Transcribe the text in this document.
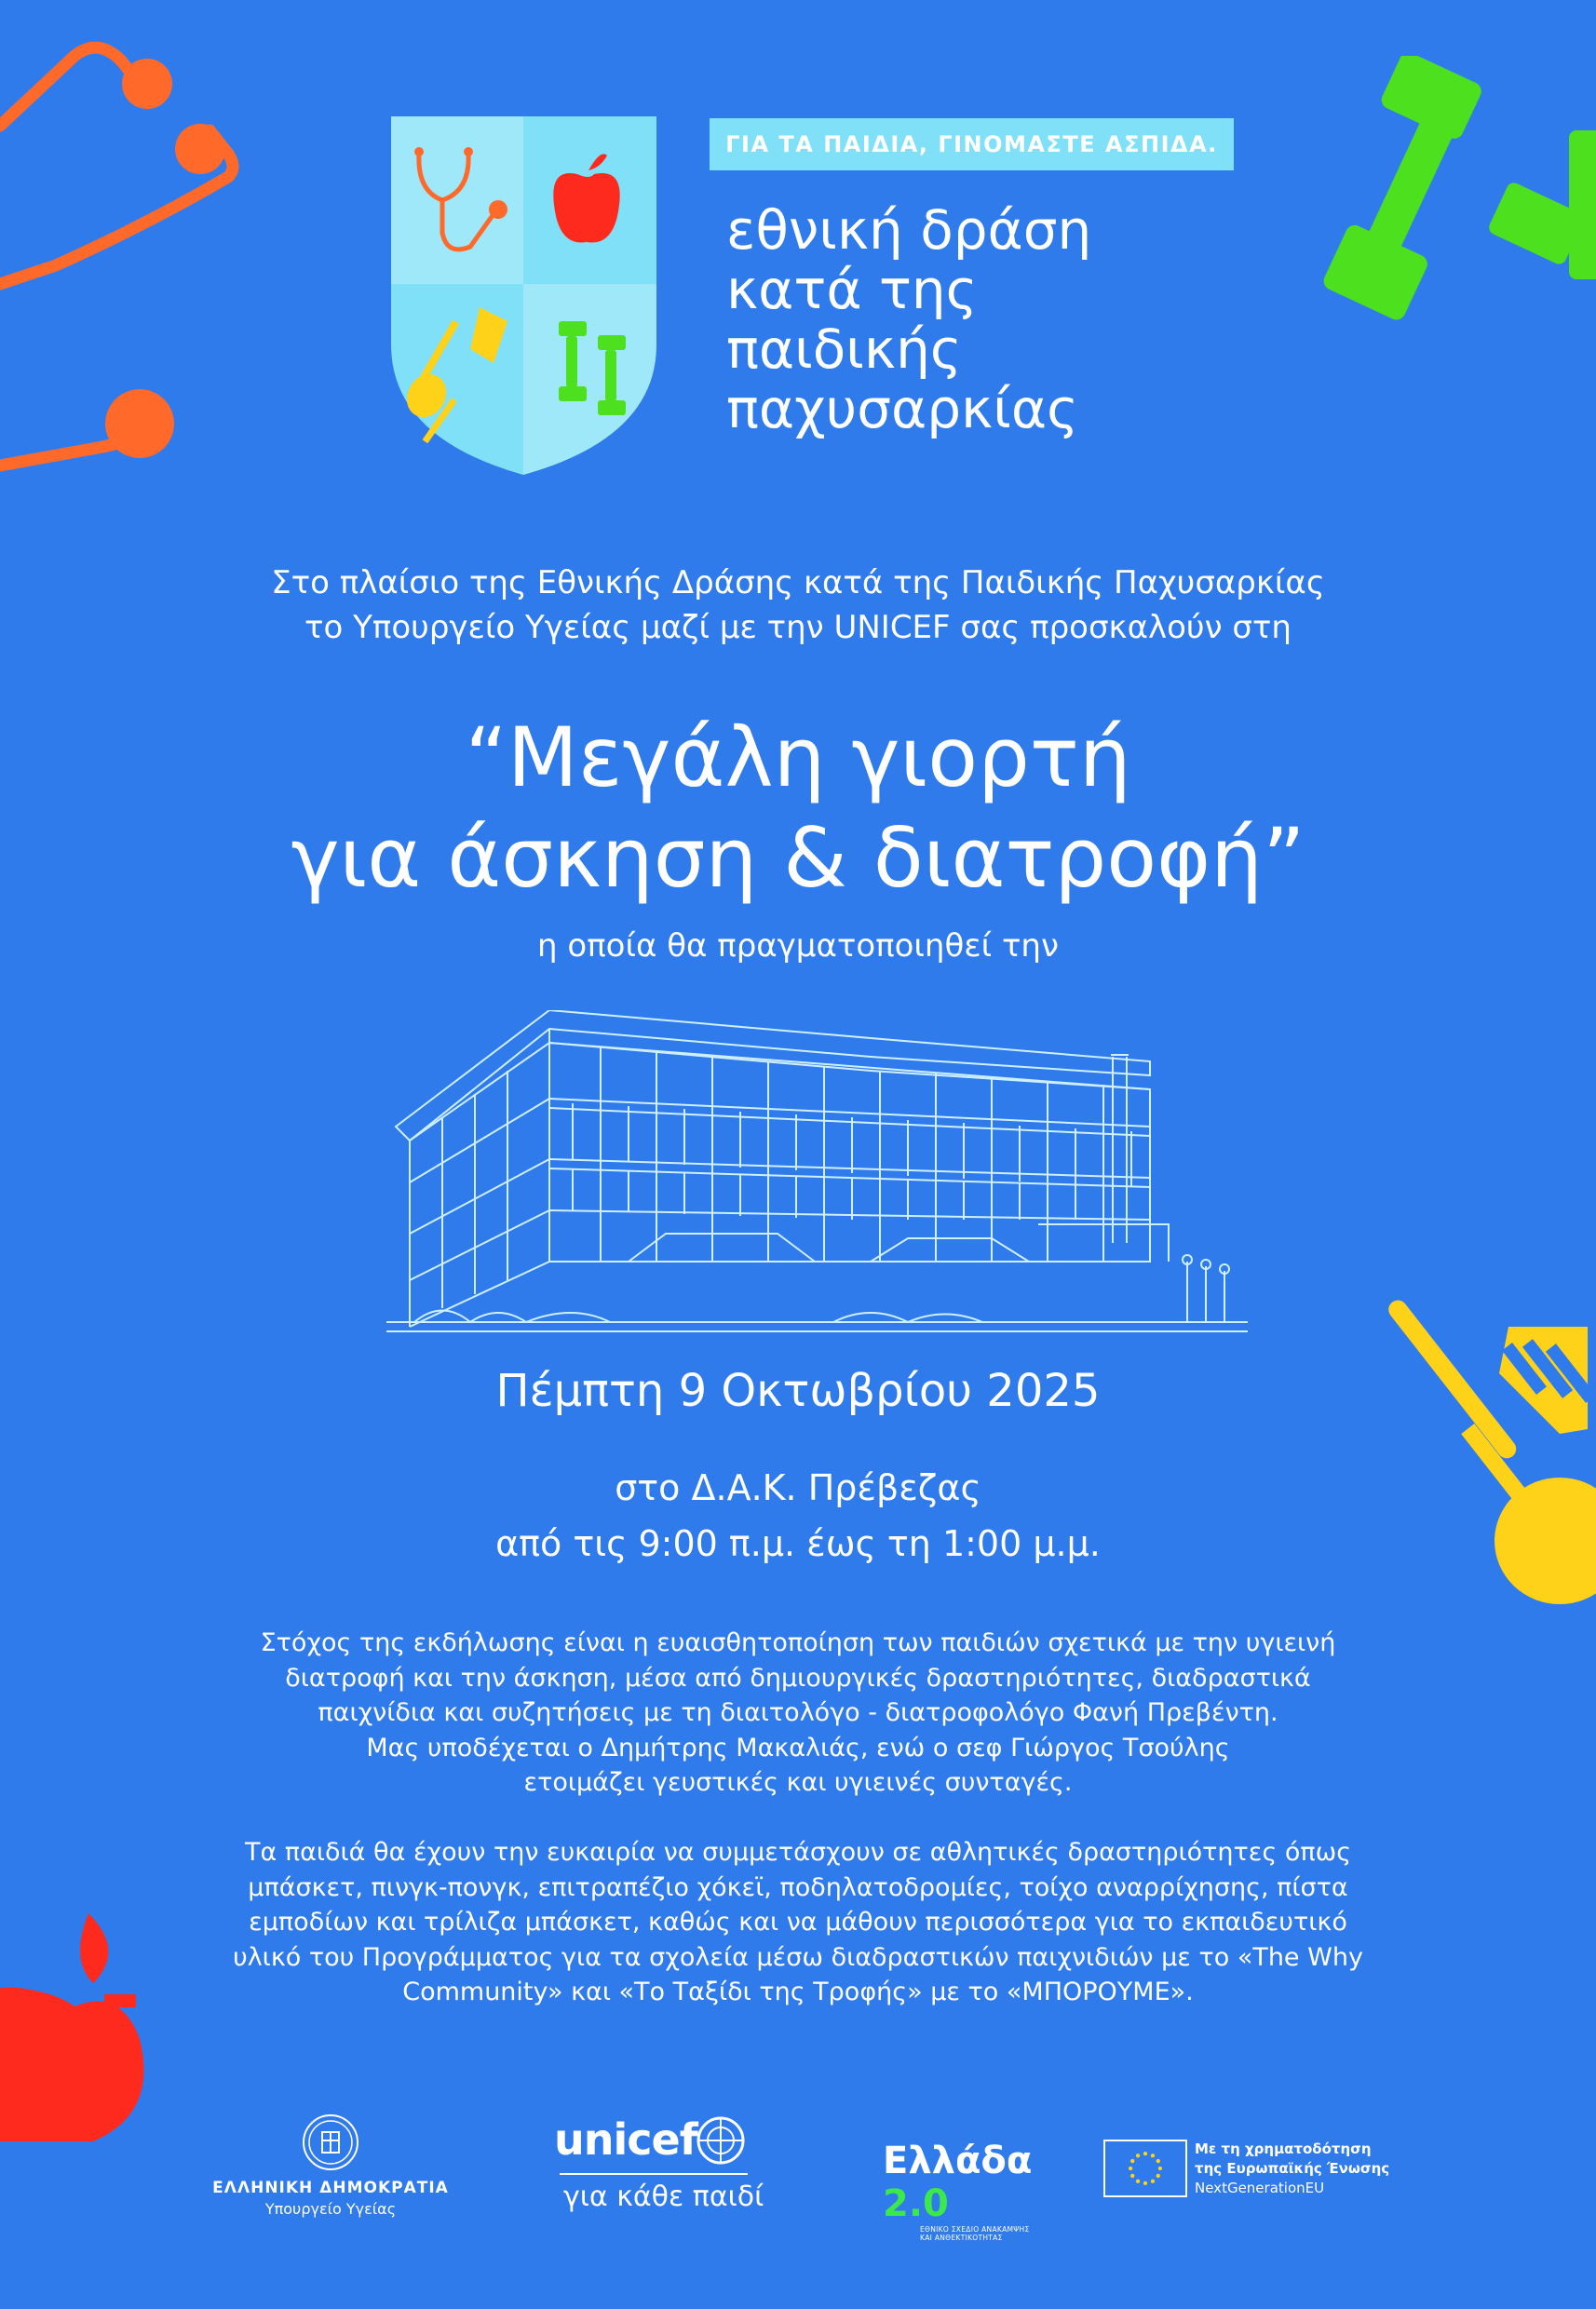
ΓΙΑ ΤΑ ΠΑΙΔΙΑ, ΓΙΝΟΜΑΣΤΕ ΑΣΠΙΔΑ.
εθνική δράση
κατά της
παιδικής
παχυσαρκίας
Στο πλαίσιο της Εθνικής Δράσης κατά της Παιδικής Παχυσαρκίας
το Υπουργείο Υγείας μαζί με την UNICEF σας προσκαλούν στη
“Μεγάλη γιορτή
για άσκηση & διατροφή”
η οποία θα πραγματοποιηθεί την
Πέμπτη 9 Οκτωβρίου 2025
στο Δ.Α.Κ. Πρέβεζας
από τις 9:00 π.μ. έως τη 1:00 μ.μ.
Στόχος της εκδήλωσης είναι η ευαισθητοποίηση των παιδιών σχετικά με την υγιεινή
διατροφή και την άσκηση, μέσα από δημιουργικές δραστηριότητες, διαδραστικά
παιχνίδια και συζητήσεις με τη διαιτολόγο - διατροφολόγο Φανή Πρεβέντη.
Μας υποδέχεται ο Δημήτρης Μακαλιάς, ενώ ο σεφ Γιώργος Τσούλης
ετοιμάζει γευστικές και υγιεινές συνταγές.
Τα παιδιά θα έχουν την ευκαιρία να συμμετάσχουν σε αθλητικές δραστηριότητες όπως
μπάσκετ, πινγκ-πονγκ, επιτραπέζιο χόκεϊ, ποδηλατοδρομίες, τοίχο αναρρίχησης, πίστα
εμποδίων και τρίλιζα μπάσκετ, καθώς και να μάθουν περισσότερα για το εκπαιδευτικό
υλικό του Προγράμματος για τα σχολεία μέσω διαδραστικών παιχνιδιών με το «The Why
Community» και «Το Ταξίδι της Τροφής» με το «ΜΠΟΡΟΥΜΕ».
ΕΛΛΗΝΙΚΗ ΔΗΜΟΚΡΑΤΙΑ
Υπουργείο Υγείας
unicef
για κάθε παιδί
Ελλάδα 2.0
ΕΘΝΙΚΟ ΣΧΕΔΙΟ ΑΝΑΚΑΜΨΗΣ
ΚΑΙ ΑΝΘΕΚΤΙΚΟΤΗΤΑΣ
Με τη χρηματοδότηση
της Ευρωπαϊκής Ένωσης
NextGenerationEU
